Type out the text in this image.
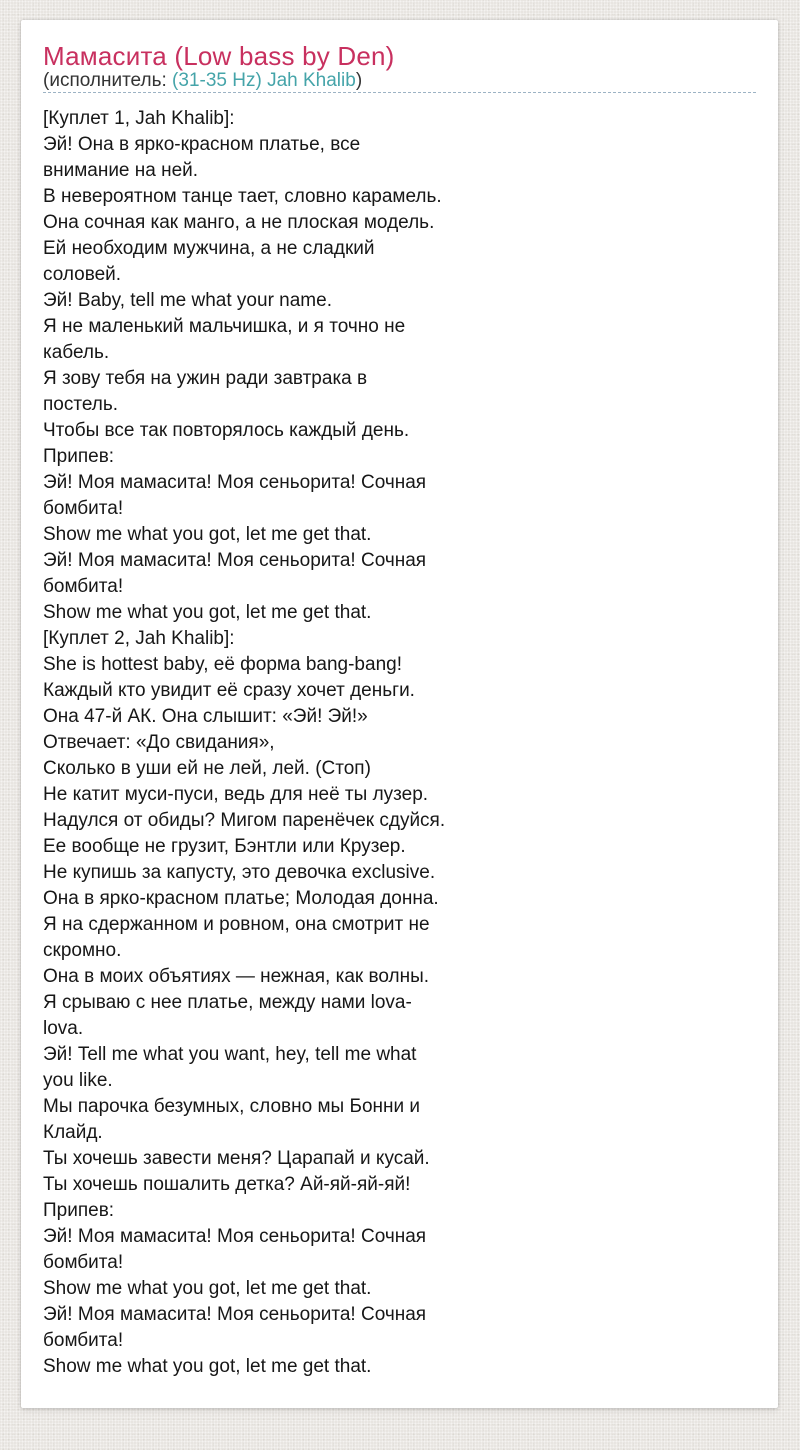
Мамасита (Low bass by Den)

(исполнитель: (31-35 Hz) Jah Khalib)

[Куплет 1, Jah Khalib]:
Эй! Она в ярко-красном платье, все
внимание на ней.
В невероятном танце тает, словно карамель.
Она сочная как манго, а не плоская модель.
Ей необходим мужчина, а не сладкий
соловей.
Эй! Baby, tell me what your name.
Я не маленький мальчишка, и я точно не
кабель.
Я зову тебя на ужин ради завтрака в
постель.
Чтобы все так повторялось каждый день.
Припев:
Эй! Моя мамасита! Моя сеньорита! Сочная
бомбита!
Show me what you got, let me get that.
Эй! Моя мамасита! Моя сеньорита! Сочная
бомбита!
Show me what you got, let me get that.
[Куплет 2, Jah Khalib]:
She is hottest baby, её форма bang-bang!
Каждый кто увидит её сразу хочет деньги.
Она 47-й АК. Она слышит: «Эй! Эй!»
Отвечает: «До свидания»,
Сколько в уши ей не лей, лей. (Стоп)
Не катит муси-пуси, ведь для неё ты лузер.
Надулся от обиды? Мигом паренёчек сдуйся.
Ее вообще не грузит, Бэнтли или Крузер.
Не купишь за капусту, это девочка exclusive.
Она в ярко-красном платье; Молодая донна.
Я на сдержанном и ровном, она смотрит не
скромно.
Она в моих объятиях — нежная, как волны.
Я срываю с нее платье, между нами lova-
lova.
Эй! Tell me what you want, hey, tell me what
you like.
Мы парочка безумных, словно мы Бонни и
Клайд.
Ты хочешь завести меня? Царапай и кусай.
Ты хочешь пошалить детка? Ай-яй-яй-яй!
Припев:
Эй! Моя мамасита! Моя сеньорита! Сочная
бомбита!
Show me what you got, let me get that.
Эй! Моя мамасита! Моя сеньорита! Сочная
бомбита!
Show me what you got, let me get that.
